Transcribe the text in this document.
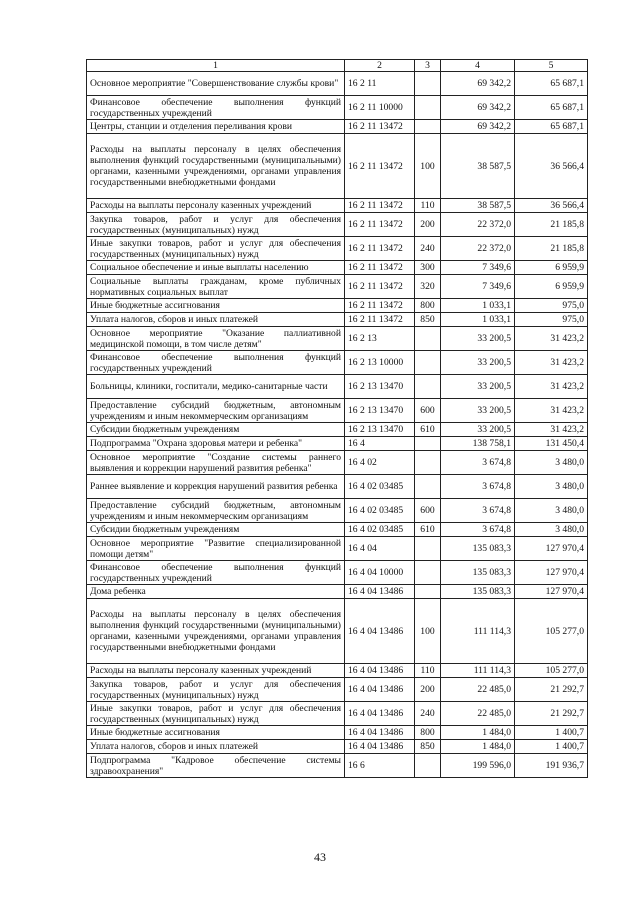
1	2	3	4	5
Основное мероприятие "Совершенствование службы крови"	16 2 11		69 342,2	65 687,1
Финансовое обеспечение выполнения функций государственных учреждений	16 2 11 10000		69 342,2	65 687,1
Центры, станции и отделения переливания крови	16 2 11 13472		69 342,2	65 687,1
Расходы на выплаты персоналу в целях обеспечения выполнения функций государственными (муниципальными) органами, казенными учреждениями, органами управления государственными внебюджетными фондами	16 2 11 13472	100	38 587,5	36 566,4
Расходы на выплаты персоналу казенных учреждений	16 2 11 13472	110	38 587,5	36 566,4
Закупка товаров, работ и услуг для обеспечения государственных (муниципальных) нужд	16 2 11 13472	200	22 372,0	21 185,8
Иные закупки товаров, работ и услуг для обеспечения государственных (муниципальных) нужд	16 2 11 13472	240	22 372,0	21 185,8
Социальное обеспечение и иные выплаты населению	16 2 11 13472	300	7 349,6	6 959,9
Социальные выплаты гражданам, кроме публичных нормативных социальных выплат	16 2 11 13472	320	7 349,6	6 959,9
Иные бюджетные ассигнования	16 2 11 13472	800	1 033,1	975,0
Уплата налогов, сборов и иных платежей	16 2 11 13472	850	1 033,1	975,0
Основное мероприятие "Оказание паллиативной медицинской помощи, в том числе детям"	16 2 13		33 200,5	31 423,2
Финансовое обеспечение выполнения функций государственных учреждений	16 2 13 10000		33 200,5	31 423,2
Больницы, клиники, госпитали, медико-санитарные части	16 2 13 13470		33 200,5	31 423,2
Предоставление субсидий бюджетным, автономным учреждениям и иным некоммерческим организациям	16 2 13 13470	600	33 200,5	31 423,2
Субсидии бюджетным учреждениям	16 2 13 13470	610	33 200,5	31 423,2
Подпрограмма "Охрана здоровья матери и ребенка"	16 4		138 758,1	131 450,4
Основное мероприятие "Создание системы раннего выявления и коррекции нарушений развития ребенка"	16 4 02		3 674,8	3 480,0
Раннее выявление и коррекция нарушений развития ребенка	16 4 02 03485		3 674,8	3 480,0
Предоставление субсидий бюджетным, автономным учреждениям и иным некоммерческим организациям	16 4 02 03485	600	3 674,8	3 480,0
Субсидии бюджетным учреждениям	16 4 02 03485	610	3 674,8	3 480,0
Основное мероприятие "Развитие специализированной помощи детям"	16 4 04		135 083,3	127 970,4
Финансовое обеспечение выполнения функций государственных учреждений	16 4 04 10000		135 083,3	127 970,4
Дома ребенка	16 4 04 13486		135 083,3	127 970,4
Расходы на выплаты персоналу в целях обеспечения выполнения функций государственными (муниципальными) органами, казенными учреждениями, органами управления государственными внебюджетными фондами	16 4 04 13486	100	111 114,3	105 277,0
Расходы на выплаты персоналу казенных учреждений	16 4 04 13486	110	111 114,3	105 277,0
Закупка товаров, работ и услуг для обеспечения государственных (муниципальных) нужд	16 4 04 13486	200	22 485,0	21 292,7
Иные закупки товаров, работ и услуг для обеспечения государственных (муниципальных) нужд	16 4 04 13486	240	22 485,0	21 292,7
Иные бюджетные ассигнования	16 4 04 13486	800	1 484,0	1 400,7
Уплата налогов, сборов и иных платежей	16 4 04 13486	850	1 484,0	1 400,7
Подпрограмма "Кадровое обеспечение системы здравоохранения"	16 6		199 596,0	191 936,7
43
